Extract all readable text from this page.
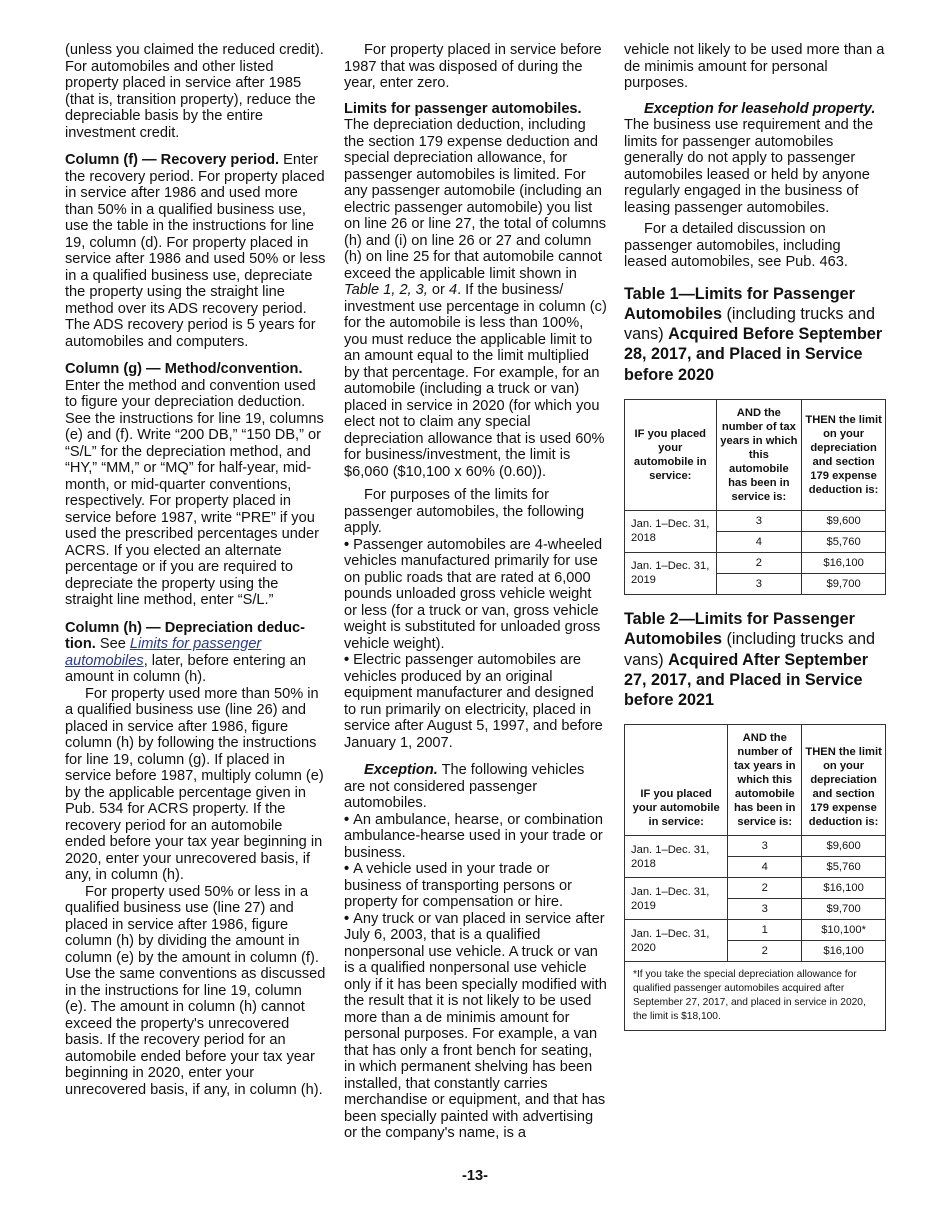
(unless you claimed the reduced credit). For automobiles and other listed property placed in service after 1985 (that is, transition property), reduce the depreciable basis by the entire investment credit.

Column (f) — Recovery period. Enter the recovery period. For property placed in service after 1986 and used more than 50% in a qualified business use, use the table in the instructions for line 19, column (d). For property placed in service after 1986 and used 50% or less in a qualified business use, depreciate the property using the straight line method over its ADS recovery period. The ADS recovery period is 5 years for automobiles and computers.

Column (g) — Method/convention. Enter the method and convention used to figure your depreciation deduction. See the instructions for line 19, columns (e) and (f). Write “200 DB,” “150 DB,” or “S/L” for the depreciation method, and “HY,” “MM,” or “MQ” for half-year, mid-month, or mid-quarter conventions, respectively. For property placed in service before 1987, write “PRE” if you used the prescribed percentages under ACRS. If you elected an alternate percentage or if you are required to depreciate the property using the straight line method, enter “S/L.”

Column (h) — Depreciation deduc- tion. See Limits for passenger automobiles, later, before entering an amount in column (h).

For property used more than 50% in a qualified business use (line 26) and placed in service after 1986, figure column (h) by following the instructions for line 19, column (g). If placed in service before 1987, multiply column (e) by the applicable percentage given in Pub. 534 for ACRS property. If the recovery period for an automobile ended before your tax year beginning in 2020, enter your unrecovered basis, if any, in column (h).

For property used 50% or less in a qualified business use (line 27) and placed in service after 1986, figure column (h) by dividing the amount in column (e) by the amount in column (f). Use the same conventions as discussed in the instructions for line 19, column (e). The amount in column (h) cannot exceed the property's unrecovered basis. If the recovery period for an automobile ended before your tax year beginning in 2020, enter your unrecovered basis, if any, in column (h).

For property placed in service before 1987 that was disposed of during the year, enter zero.

Limits for passenger automobiles. The depreciation deduction, including the section 179 expense deduction and special depreciation allowance, for passenger automobiles is limited. For any passenger automobile (including an electric passenger automobile) you list on line 26 or line 27, the total of columns (h) and (i) on line 26 or 27 and column (h) on line 25 for that automobile cannot exceed the applicable limit shown in Table 1, 2, 3, or 4. If the business/ investment use percentage in column (c) for the automobile is less than 100%, you must reduce the applicable limit to an amount equal to the limit multiplied by that percentage. For example, for an automobile (including a truck or van) placed in service in 2020 (for which you elect not to claim any special depreciation allowance that is used 60% for business/investment, the limit is $6,060 ($10,100 x 60% (0.60)).

For purposes of the limits for passenger automobiles, the following apply.

• Passenger automobiles are 4-wheeled vehicles manufactured primarily for use on public roads that are rated at 6,000 pounds unloaded gross vehicle weight or less (for a truck or van, gross vehicle weight is substituted for unloaded gross vehicle weight).

• Electric passenger automobiles are vehicles produced by an original equipment manufacturer and designed to run primarily on electricity, placed in service after August 5, 1997, and before January 1, 2007.

Exception. The following vehicles are not considered passenger automobiles.

• An ambulance, hearse, or combination ambulance-hearse used in your trade or business.

• A vehicle used in your trade or business of transporting persons or property for compensation or hire.

• Any truck or van placed in service after July 6, 2003, that is a qualified nonpersonal use vehicle. A truck or van is a qualified nonpersonal use vehicle only if it has been specially modified with the result that it is not likely to be used more than a de minimis amount for personal purposes. For example, a van that has only a front bench for seating, in which permanent shelving has been installed, that constantly carries merchandise or equipment, and that has been specially painted with advertising or the company's name, is a

vehicle not likely to be used more than a de minimis amount for personal purposes.

Exception for leasehold property. The business use requirement and the limits for passenger automobiles generally do not apply to passenger automobiles leased or held by anyone regularly engaged in the business of leasing passenger automobiles.

For a detailed discussion on passenger automobiles, including leased automobiles, see Pub. 463.

Table 1—Limits for Passenger Automobiles (including trucks and vans) Acquired Before September 28, 2017, and Placed in Service before 2020
IF you placed your automobile in service:	AND the number of tax years in which this automobile has been in service is:	THEN the limit on your depreciation and section 179 expense deduction is:
Jan. 1–Dec. 31, 2018	3	$9,600
	4	$5,760
Jan. 1–Dec. 31, 2019	2	$16,100
	3	$9,700
Table 2—Limits for Passenger Automobiles (including trucks and vans) Acquired After September 27, 2017, and Placed in Service before 2021
IF you placed your automobile in service:	AND the number of tax years in which this automobile has been in service is:	THEN the limit on your depreciation and section 179 expense deduction is:
Jan. 1–Dec. 31, 2018	3	$9,600
	4	$5,760
Jan. 1–Dec. 31, 2019	2	$16,100
	3	$9,700
Jan. 1–Dec. 31, 2020	1	$10,100*
	2	$16,100
*If you take the special depreciation allowance for qualified passenger automobiles acquired after September 27, 2017, and placed in service in 2020, the limit is $18,100.
-13-
